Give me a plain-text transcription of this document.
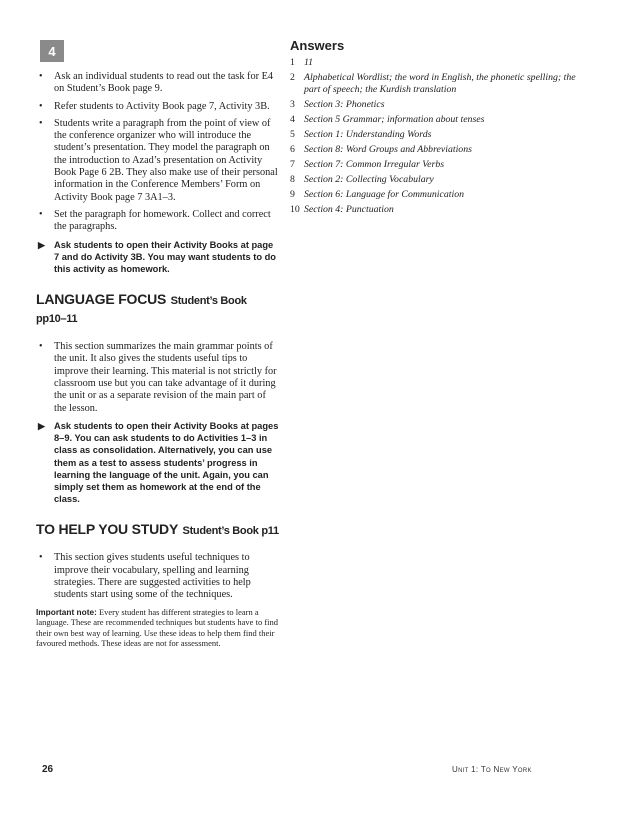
4
• Ask an individual students to read out the task for E4 on Student’s Book page 9.
• Refer students to Activity Book page 7, Activity 3B.
• Students write a paragraph from the point of view of the conference organizer who will introduce the student’s presentation. They model the paragraph on the introduction to Azad’s presentation on Activity Book Page 6 2B. They also make use of their personal information in the Conference Members’ Form on Activity Book page 7 3A1–3.
• Set the paragraph for homework. Collect and correct the paragraphs.
▶ Ask students to open their Activity Books at page 7 and do Activity 3B. You may want students to do this activity as homework.

LANGUAGE FOCUS Student’s Book
pp10–11

• This section summarizes the main grammar points of the unit. It also gives the students useful tips to improve their learning. This material is not strictly for classroom use but you can take advantage of it during the unit or as a separate revision of the main part of the lesson.
▶ Ask students to open their Activity Books at pages 8–9. You can ask students to do Activities 1–3 in class as consolidation. Alternatively, you can use them as a test to assess students’ progress in learning the language of the unit. Again, you can simply set them as homework at the end of the class.

TO HELP YOU STUDY Student’s Book p11

• This section gives students useful techniques to improve their vocabulary, spelling and learning strategies. There are suggested activities to help students start using some of the techniques.

Important note: Every student has different strategies to learn a language. These are recommended techniques but students have to find their own best way of learning. Use these ideas to help them find their favoured methods. These ideas are not for assessment.

Answers

1 11
2 Alphabetical Wordlist; the word in English, the phonetic spelling; the part of speech; the Kurdish translation
3 Section 3: Phonetics
4 Section 5 Grammar; information about tenses
5 Section 1: Understanding Words
6 Section 8: Word Groups and Abbreviations
7 Section 7: Common Irregular Verbs
8 Section 2: Collecting Vocabulary
9 Section 6: Language for Communication
10 Section 4: Punctuation
26	Unit 1: To New York
